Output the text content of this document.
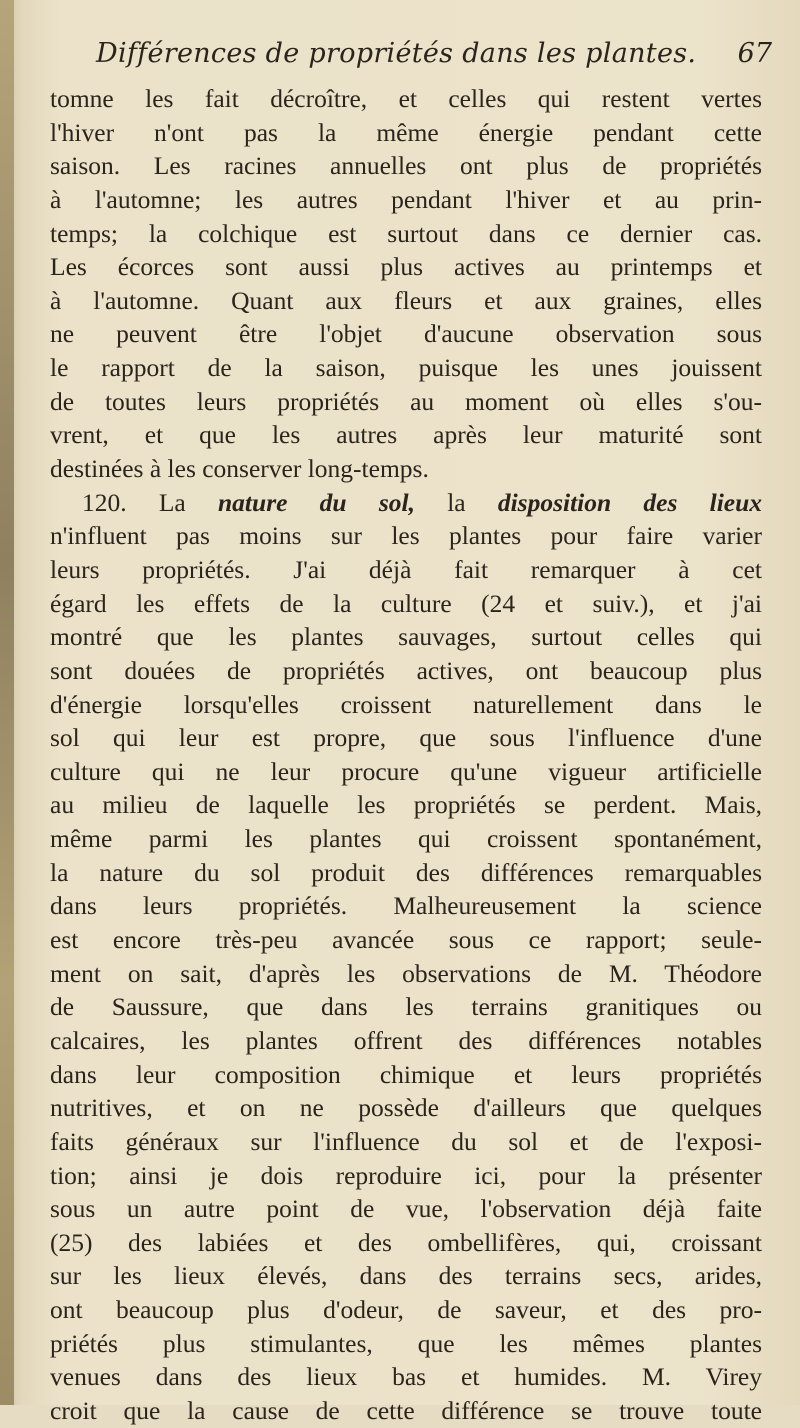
Différences de propriétés dans les plantes. 67
tomne les fait décroître, et celles qui restent vertes
l'hiver n'ont pas la même énergie pendant cette
saison. Les racines annuelles ont plus de propriétés
à l'automne; les autres pendant l'hiver et au prin-
temps; la colchique est surtout dans ce dernier cas.
Les écorces sont aussi plus actives au printemps et
à l'automne. Quant aux fleurs et aux graines, elles
ne peuvent être l'objet d'aucune observation sous
le rapport de la saison, puisque les unes jouissent
de toutes leurs propriétés au moment où elles s'ou-
vrent, et que les autres après leur maturité sont
destinées à les conserver long-temps.
120. La nature du sol, la disposition des lieux
n'influent pas moins sur les plantes pour faire varier
leurs propriétés. J'ai déjà fait remarquer à cet
égard les effets de la culture (24 et suiv.), et j'ai
montré que les plantes sauvages, surtout celles qui
sont douées de propriétés actives, ont beaucoup plus
d'énergie lorsqu'elles croissent naturellement dans le
sol qui leur est propre, que sous l'influence d'une
culture qui ne leur procure qu'une vigueur artificielle
au milieu de laquelle les propriétés se perdent. Mais,
même parmi les plantes qui croissent spontanément,
la nature du sol produit des différences remarquables
dans leurs propriétés. Malheureusement la science
est encore très-peu avancée sous ce rapport; seule-
ment on sait, d'après les observations de M. Théodore
de Saussure, que dans les terrains granitiques ou
calcaires, les plantes offrent des différences notables
dans leur composition chimique et leurs propriétés
nutritives, et on ne possède d'ailleurs que quelques
faits généraux sur l'influence du sol et de l'exposi-
tion; ainsi je dois reproduire ici, pour la présenter
sous un autre point de vue, l'observation déjà faite
(25) des labiées et des ombellifères, qui, croissant
sur les lieux élevés, dans des terrains secs, arides,
ont beaucoup plus d'odeur, de saveur, et des pro-
priétés plus stimulantes, que les mêmes plantes
venues dans des lieux bas et humides. M. Virey
croit que la cause de cette différence se trouve toute
